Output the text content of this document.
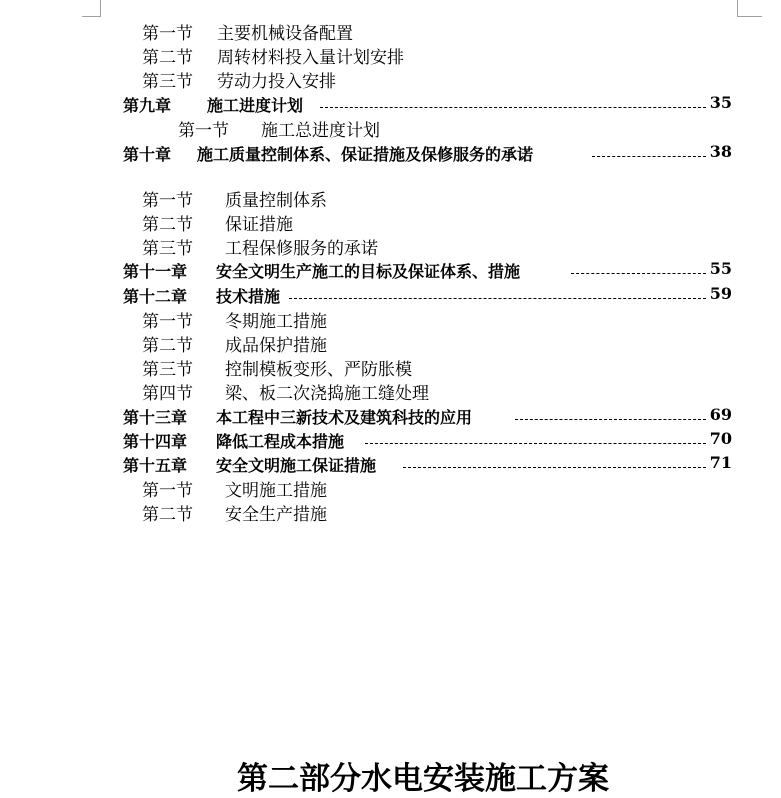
第一节 主要机械设备配置
第二节 周转材料投入量计划安排
第三节 劳动力投入安排
第九章 施工进度计划	35
第一节 施工总进度计划
第十章 施工质量控制体系、保证措施及保修服务的承诺	38
第一节 质量控制体系
第二节 保证措施
第三节 工程保修服务的承诺
第十一章 安全文明生产施工的目标及保证体系、措施	55
第十二章 技术措施	59
第一节 冬期施工措施
第二节 成品保护措施
第三节 控制模板变形、严防胀模
第四节 梁、板二次浇捣施工缝处理
第十三章 本工程中三新技术及建筑科技的应用	69
第十四章 降低工程成本措施	70
第十五章 安全文明施工保证措施	71
第一节 文明施工措施
第二节 安全生产措施
第二部分水电安装施工方案
